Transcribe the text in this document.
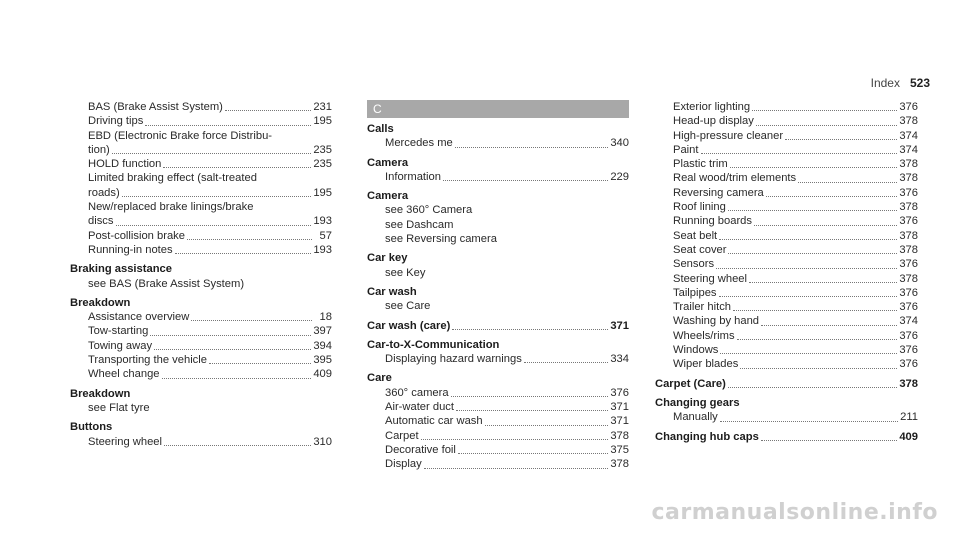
Index 523
BAS (Brake Assist System)	231
Driving tips	195
EBD (Electronic Brake force Distribu-
tion)	235
HOLD function	235
Limited braking effect (salt-treated
roads)	195
New/replaced brake linings/brake
discs	193
Post-collision brake	57
Running-in notes	193
Braking assistance
see BAS (Brake Assist System)
Breakdown
Assistance overview	18
Tow-starting	397
Towing away	394
Transporting the vehicle	395
Wheel change	409
Breakdown
see Flat tyre
Buttons
Steering wheel	310
C
Calls
Mercedes me	340
Camera
Information	229
Camera
see 360° Camera
see Dashcam
see Reversing camera
Car key
see Key
Car wash
see Care
Car wash (care)	371
Car-to-X-Communication
Displaying hazard warnings	334
Care
360° camera	376
Air-water duct	371
Automatic car wash	371
Carpet	378
Decorative foil	375
Display	378
Exterior lighting	376
Head-up display	378
High-pressure cleaner	374
Paint	374
Plastic trim	378
Real wood/trim elements	378
Reversing camera	376
Roof lining	378
Running boards	376
Seat belt	378
Seat cover	378
Sensors	376
Steering wheel	378
Tailpipes	376
Trailer hitch	376
Washing by hand	374
Wheels/rims	376
Windows	376
Wiper blades	376
Carpet (Care)	378
Changing gears
Manually	211
Changing hub caps	409
carmanualsonline.info
